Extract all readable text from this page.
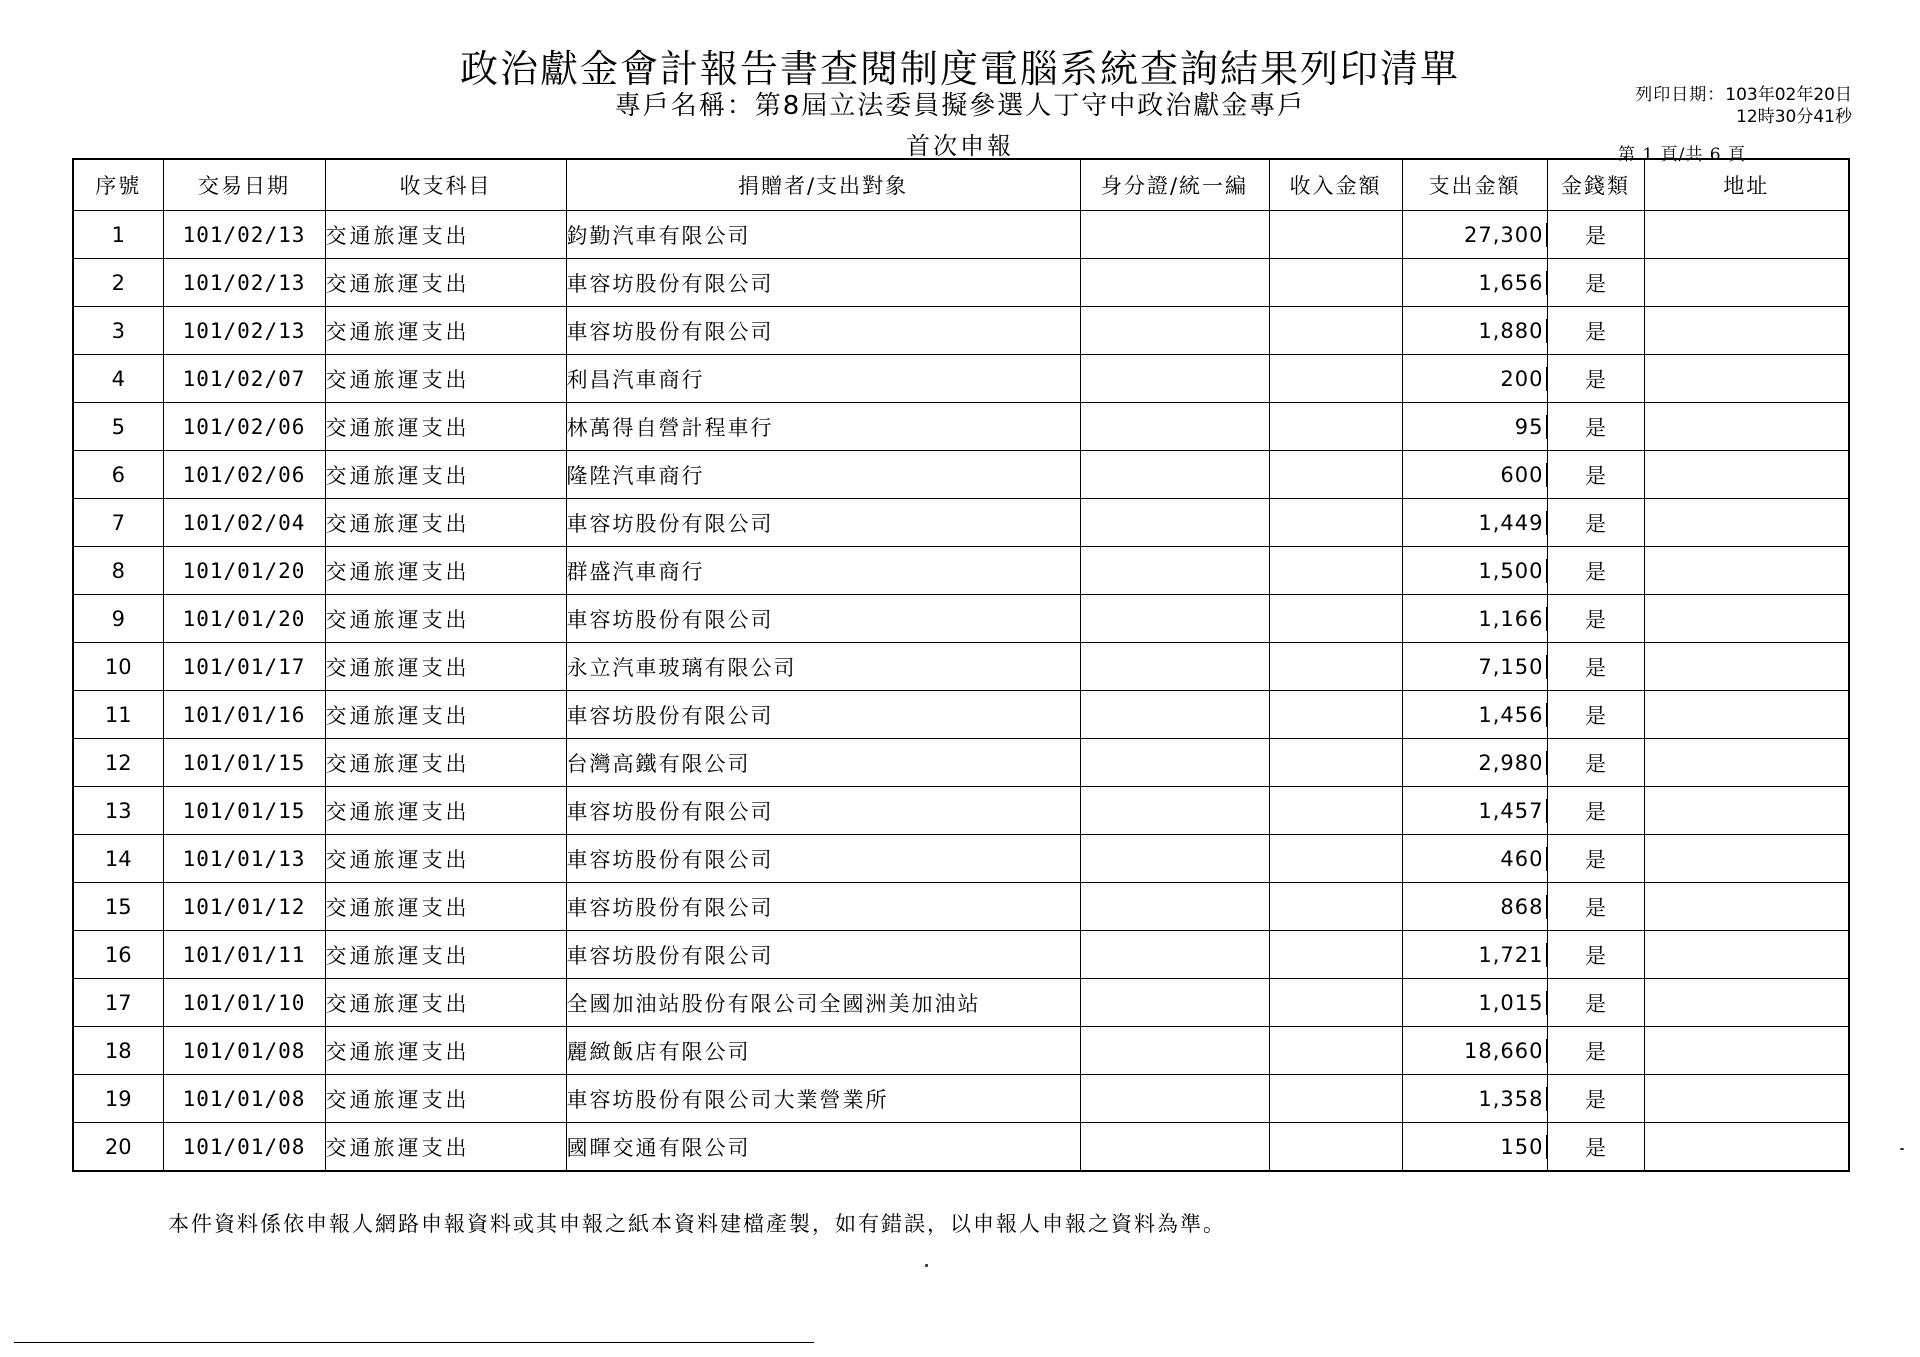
政治獻金會計報告書查閱制度電腦系統查詢結果列印清單
專戶名稱：第8屆立法委員擬參選人丁守中政治獻金專戶
首次申報
列印日期：103年02年20日
12時30分41秒
第 1 頁/共 6 頁
序號	交易日期	收支科目	捐贈者/支出對象	身分證/統一編	收入金額	支出金額	金錢類	地址
1	101/02/13	交通旅運支出	鈞勤汽車有限公司			27,300	是	
2	101/02/13	交通旅運支出	車容坊股份有限公司			1,656	是	
3	101/02/13	交通旅運支出	車容坊股份有限公司			1,880	是	
4	101/02/07	交通旅運支出	利昌汽車商行			200	是	
5	101/02/06	交通旅運支出	林萬得自營計程車行			95	是	
6	101/02/06	交通旅運支出	隆陞汽車商行			600	是	
7	101/02/04	交通旅運支出	車容坊股份有限公司			1,449	是	
8	101/01/20	交通旅運支出	群盛汽車商行			1,500	是	
9	101/01/20	交通旅運支出	車容坊股份有限公司			1,166	是	
10	101/01/17	交通旅運支出	永立汽車玻璃有限公司			7,150	是	
11	101/01/16	交通旅運支出	車容坊股份有限公司			1,456	是	
12	101/01/15	交通旅運支出	台灣高鐵有限公司			2,980	是	
13	101/01/15	交通旅運支出	車容坊股份有限公司			1,457	是	
14	101/01/13	交通旅運支出	車容坊股份有限公司			460	是	
15	101/01/12	交通旅運支出	車容坊股份有限公司			868	是	
16	101/01/11	交通旅運支出	車容坊股份有限公司			1,721	是	
17	101/01/10	交通旅運支出	全國加油站股份有限公司全國洲美加油站			1,015	是	
18	101/01/08	交通旅運支出	麗緻飯店有限公司			18,660	是	
19	101/01/08	交通旅運支出	車容坊股份有限公司大業營業所			1,358	是	
20	101/01/08	交通旅運支出	國暉交通有限公司			150	是	
本件資料係依申報人網路申報資料或其申報之紙本資料建檔產製，如有錯誤，以申報人申報之資料為準。
